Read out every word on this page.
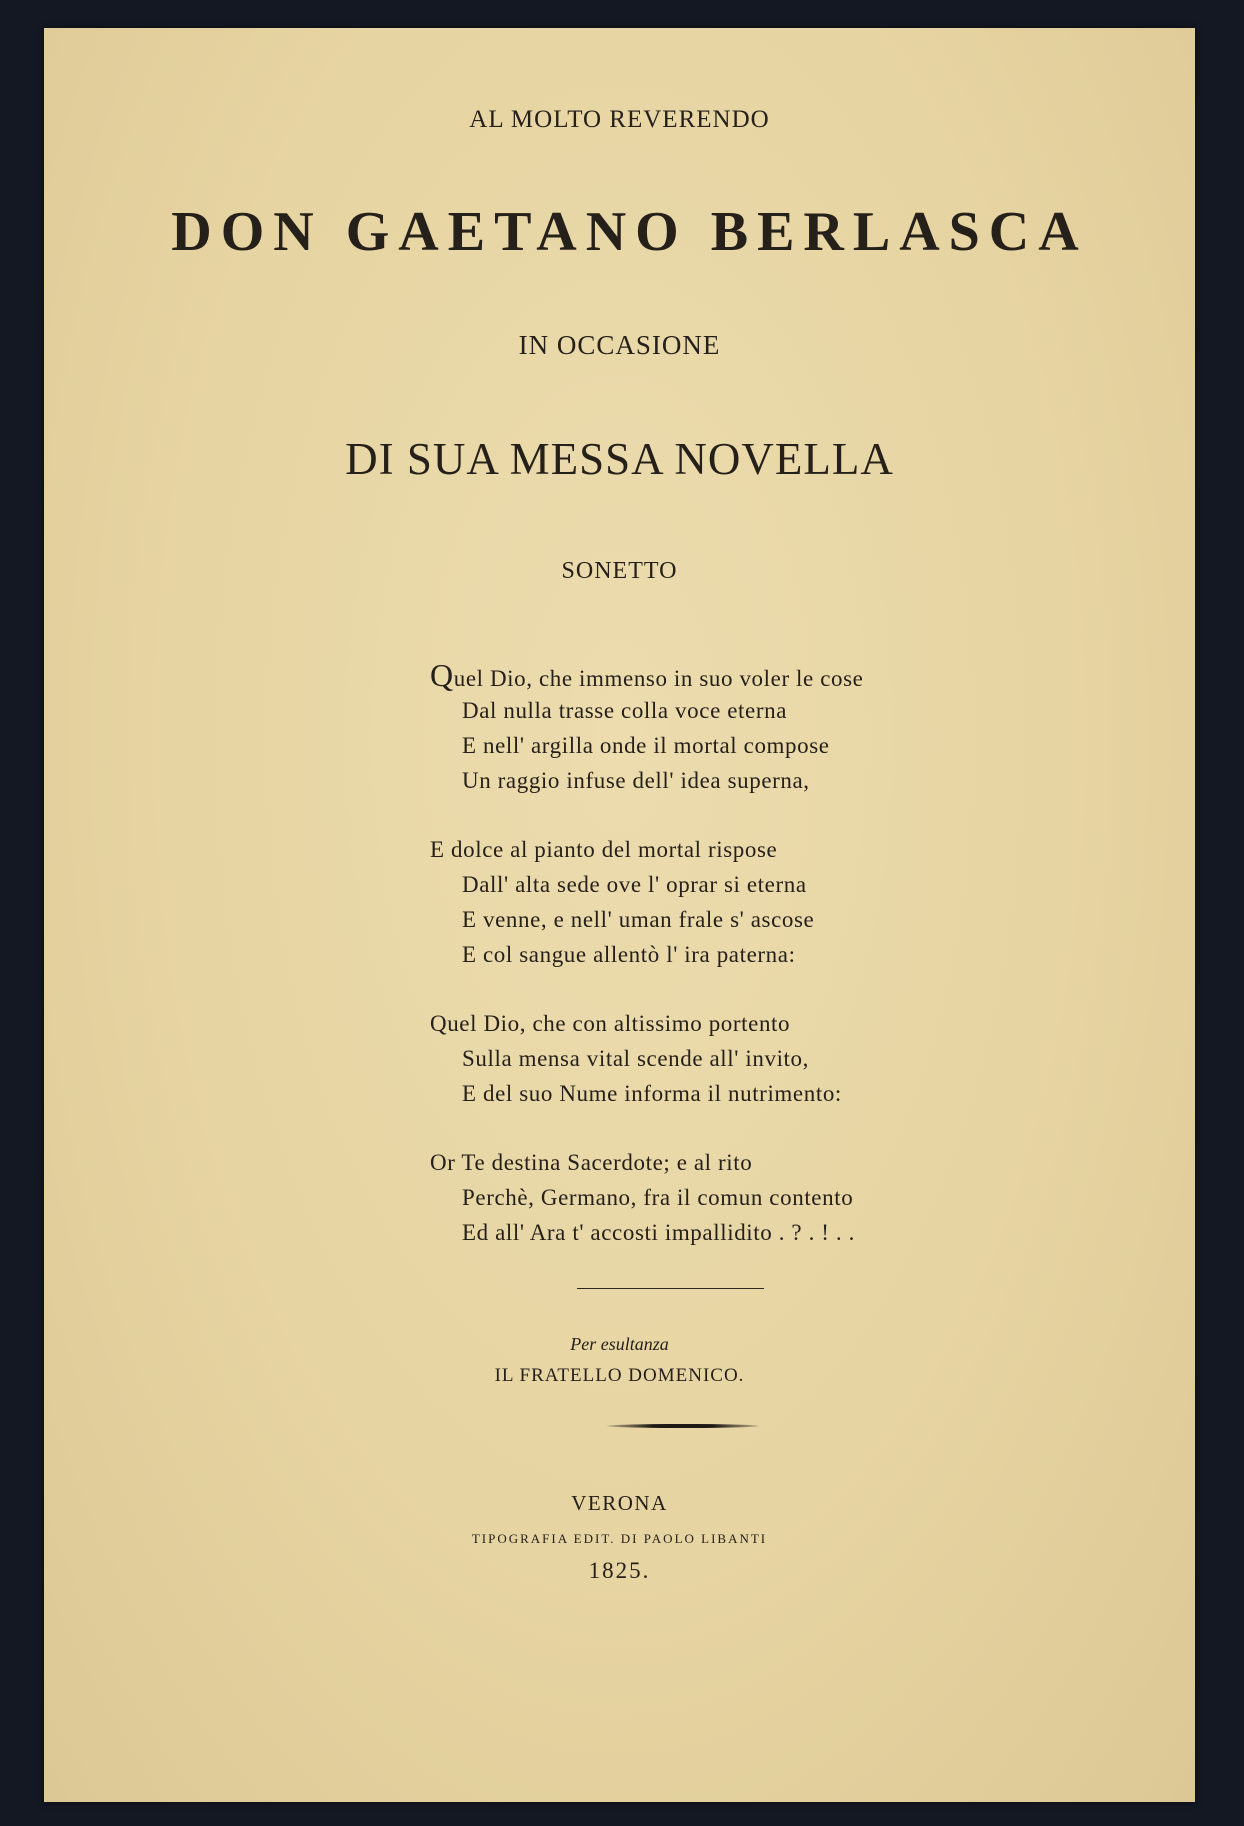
AL MOLTO REVERENDO
DON GAETANO BERLASCA
IN OCCASIONE
DI SUA MESSA NOVELLA
SONETTO
Quel Dio, che immenso in suo voler le cose
Dal nulla trasse colla voce eterna
E nell' argilla onde il mortal compose
Un raggio infuse dell' idea superna,
E dolce al pianto del mortal rispose
Dall' alta sede ove l' oprar si eterna
E venne, e nell' uman frale s' ascose
E col sangue allentò l' ira paterna:
Quel Dio, che con altissimo portento
Sulla mensa vital scende all' invito,
E del suo Nume informa il nutrimento:
Or Te destina Sacerdote; e al rito
Perchè, Germano, fra il comun contento
Ed all' Ara t' accosti impallidito . ? . ! . .
Per esultanza
IL FRATELLO DOMENICO.
VERONA
TIPOGRAFIA EDIT. DI PAOLO LIBANTI
1825.
